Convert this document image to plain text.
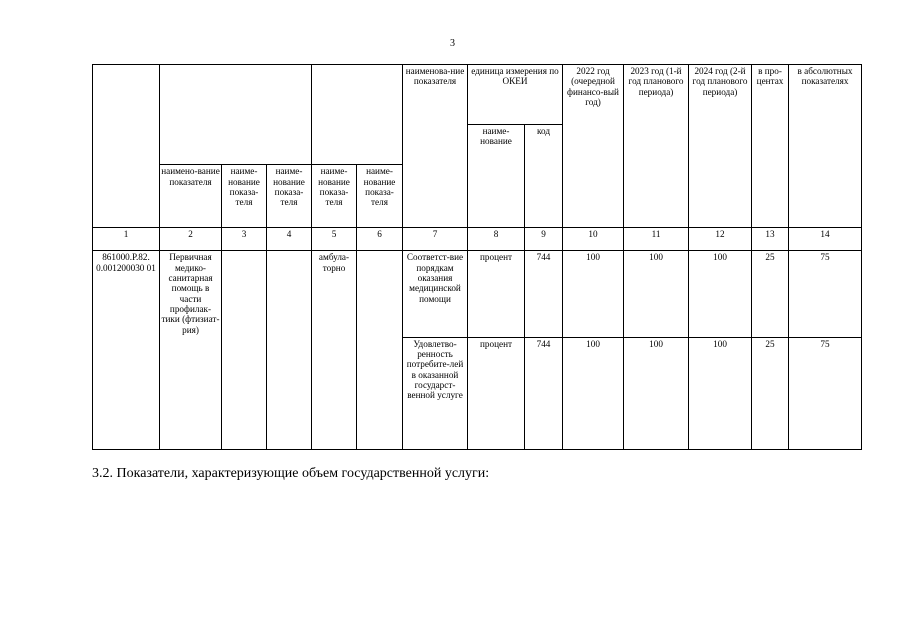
3
						наименова-ние показателя	единица измерения по ОКЕИ		2022 год (очередной финансо-вый год)	2023 год (1-й год планового периода)	2024 год (2-й год планового периода)	в про-центах	в абсолютных показателях
							наиме-нование	код					
	наимено-вание показателя	наиме-нование показа-теля	наиме-нование показа-теля	наиме-нование показа-теля	наиме-нование показа-теля								
1	2	3	4	5	6	7	8	9	10	11	12	13	14
861000.Р.82. 0.001200030 01	Первичная медико-санитарная помощь в части профилак-тики (фтизиат-рия)			амбула-торно		Соответст-вие порядкам оказания медицинской помощи	процент	744	100	100	100	25	75
						Удовлетво-ренность потребите-лей в оказанной государст-венной услуге	процент	744	100	100	100	25	75
3.2. Показатели, характеризующие объем государственной услуги:
